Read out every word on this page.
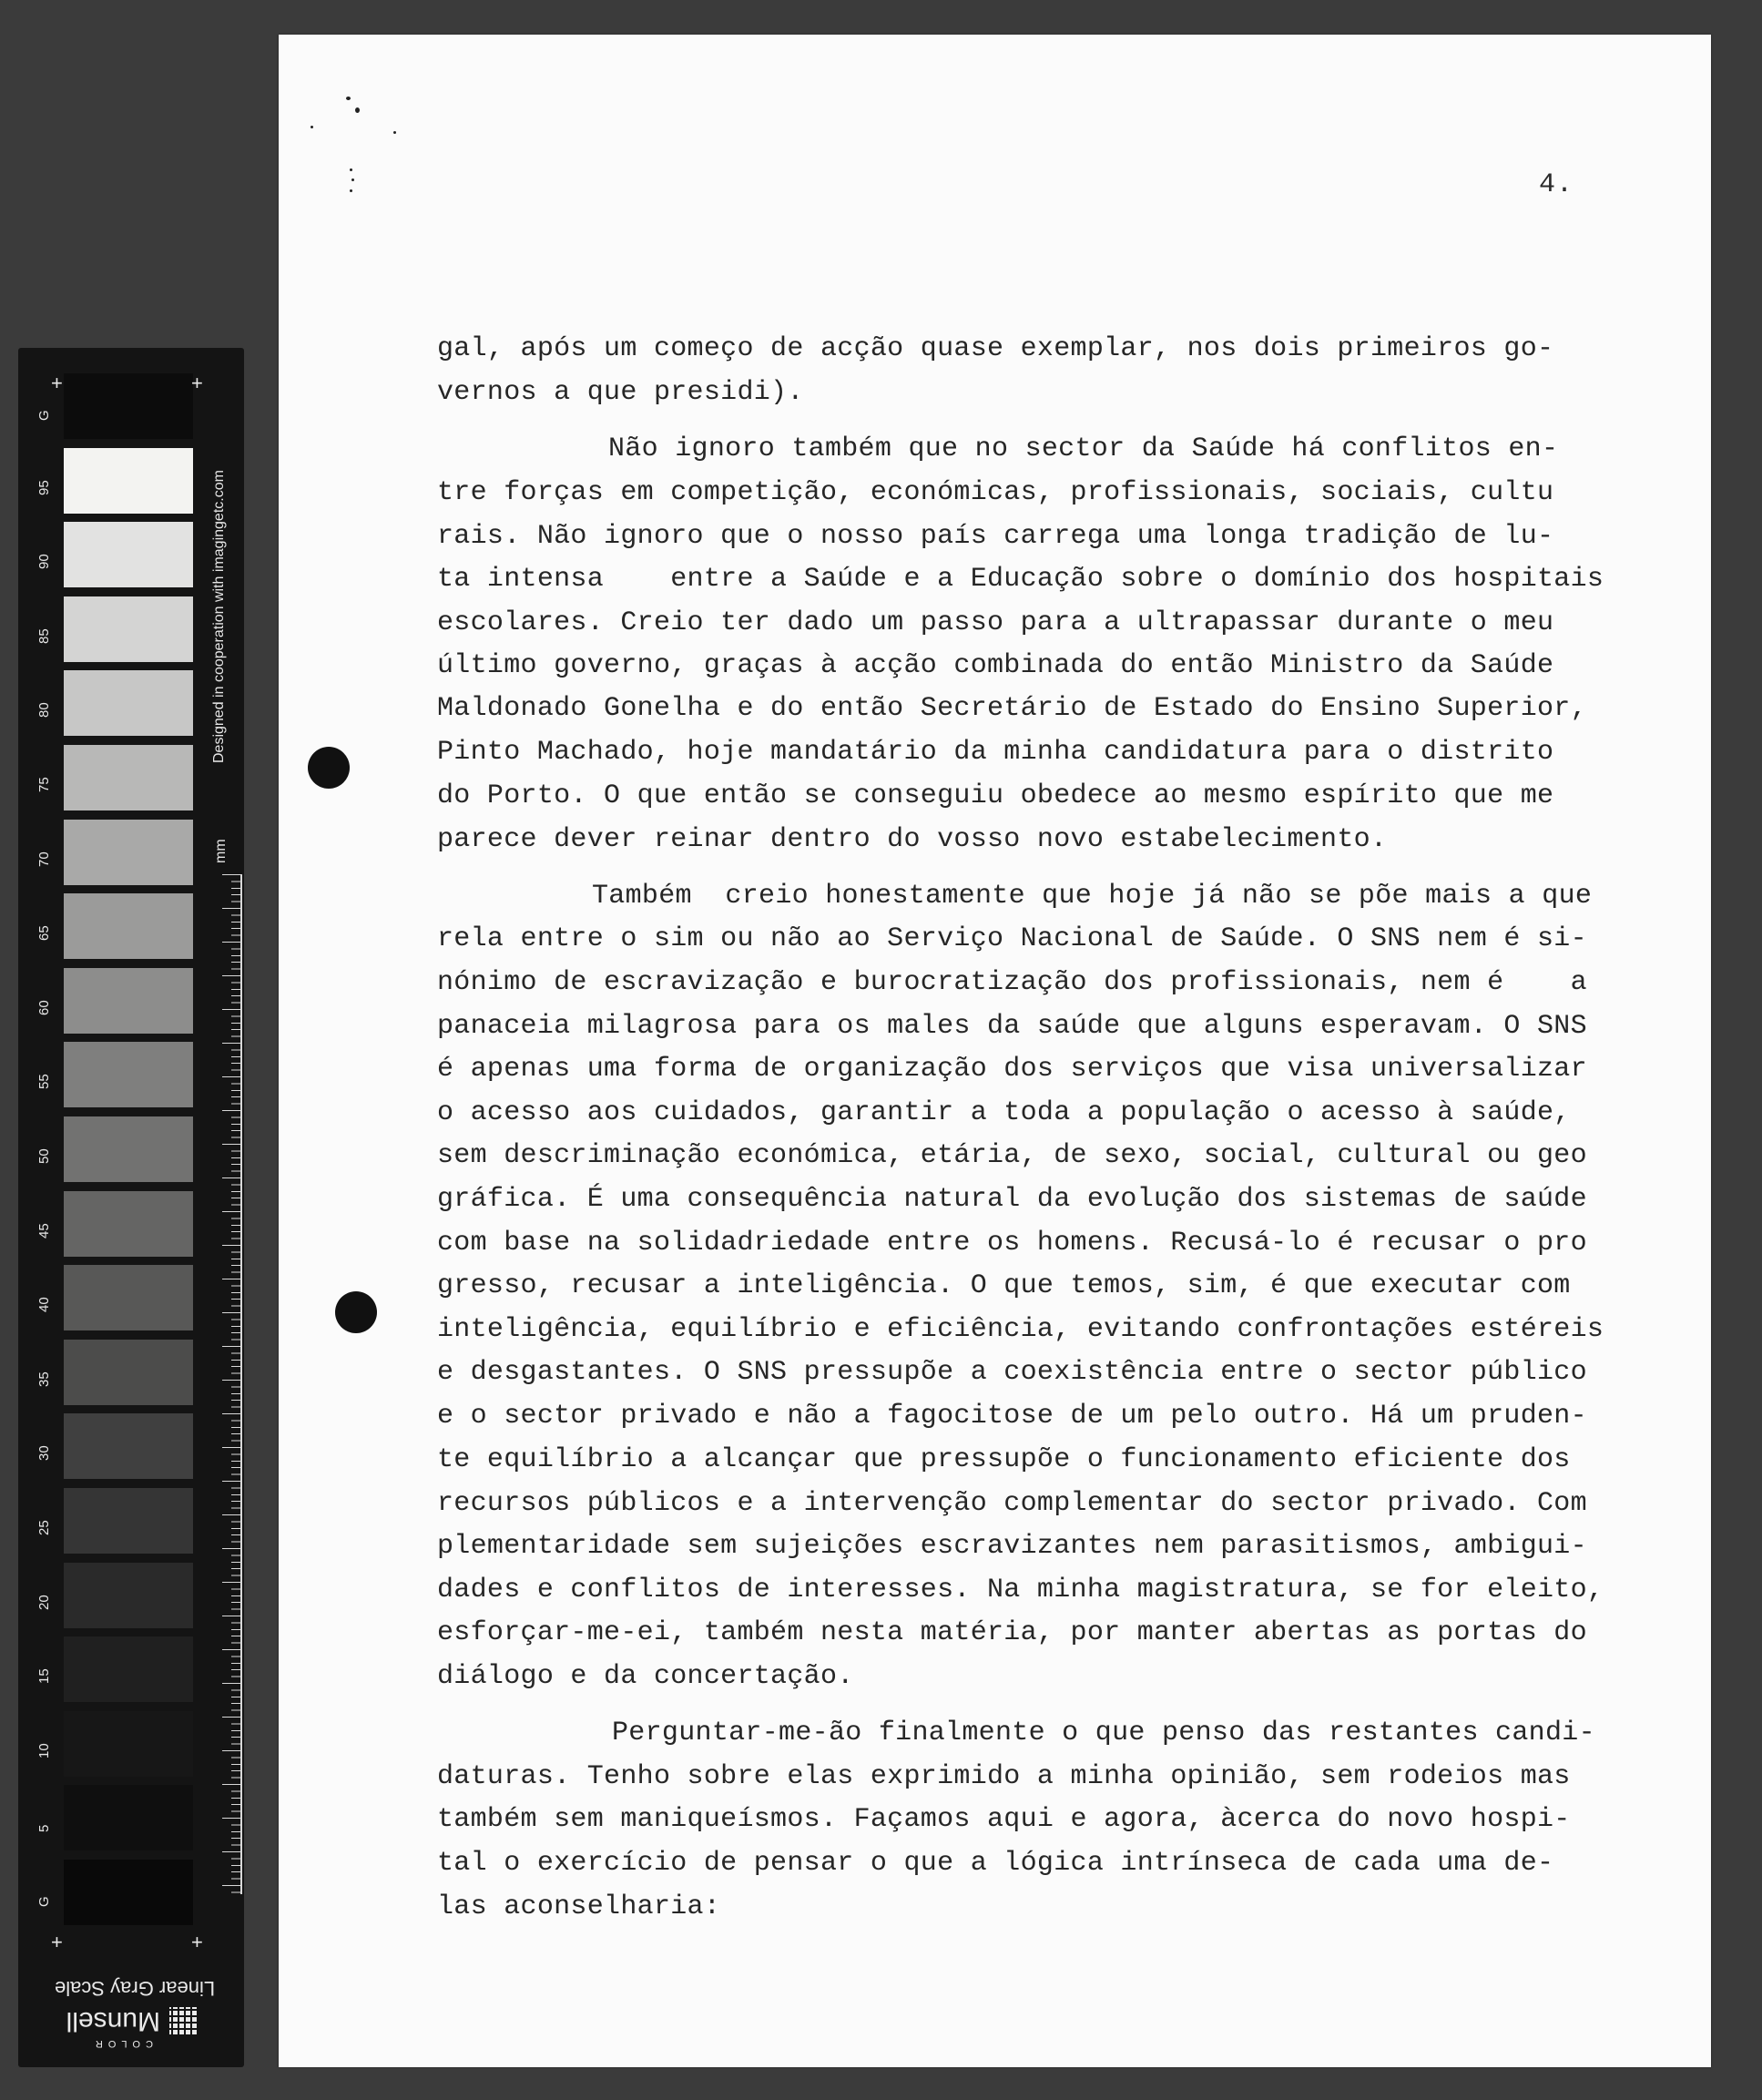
G
95
90
85
80
75
70
65
60
55
50
45
40
35
30
25
20
15
10
5
G
+	+
+	+
Designed in cooperation with imagingetc.com
mm
Linear Gray Scale
COLOR
Munsell
4.
gal, após um começo de acção quase exemplar, nos dois primeiros go-
vernos a que presidi).
Não ignoro também que no sector da Saúde há conflitos en-
tre forças em competição, económicas, profissionais, sociais, cultu
rais. Não ignoro que o nosso país carrega uma longa tradição de lu-
ta intensa    entre a Saúde e a Educação sobre o domínio dos hospitais
escolares. Creio ter dado um passo para a ultrapassar durante o meu
último governo, graças à acção combinada do então Ministro da Saúde
Maldonado Gonelha e do então Secretário de Estado do Ensino Superior,
Pinto Machado, hoje mandatário da minha candidatura para o distrito
do Porto. O que então se conseguiu obedece ao mesmo espírito que me
parece dever reinar dentro do vosso novo estabelecimento.
Também  creio honestamente que hoje já não se põe mais a que
rela entre o sim ou não ao Serviço Nacional de Saúde. O SNS nem é si-
nónimo de escravização e burocratização dos profissionais, nem é    a
panaceia milagrosa para os males da saúde que alguns esperavam. O SNS
é apenas uma forma de organização dos serviços que visa universalizar
o acesso aos cuidados, garantir a toda a população o acesso à saúde,
sem descriminação económica, etária, de sexo, social, cultural ou geo
gráfica. É uma consequência natural da evolução dos sistemas de saúde
com base na solidadriedade entre os homens. Recusá-lo é recusar o pro
gresso, recusar a inteligência. O que temos, sim, é que executar com
inteligência, equilíbrio e eficiência, evitando confrontações estéreis
e desgastantes. O SNS pressupõe a coexistência entre o sector público
e o sector privado e não a fagocitose de um pelo outro. Há um pruden-
te equilíbrio a alcançar que pressupõe o funcionamento eficiente dos
recursos públicos e a intervenção complementar do sector privado. Com
plementaridade sem sujeições escravizantes nem parasitismos, ambigui-
dades e conflitos de interesses. Na minha magistratura, se for eleito,
esforçar-me-ei, também nesta matéria, por manter abertas as portas do
diálogo e da concertação.
Perguntar-me-ão finalmente o que penso das restantes candi-
daturas. Tenho sobre elas exprimido a minha opinião, sem rodeios mas
também sem maniqueísmos. Façamos aqui e agora, àcerca do novo hospi-
tal o exercício de pensar o que a lógica intrínseca de cada uma de-
las aconselharia:
